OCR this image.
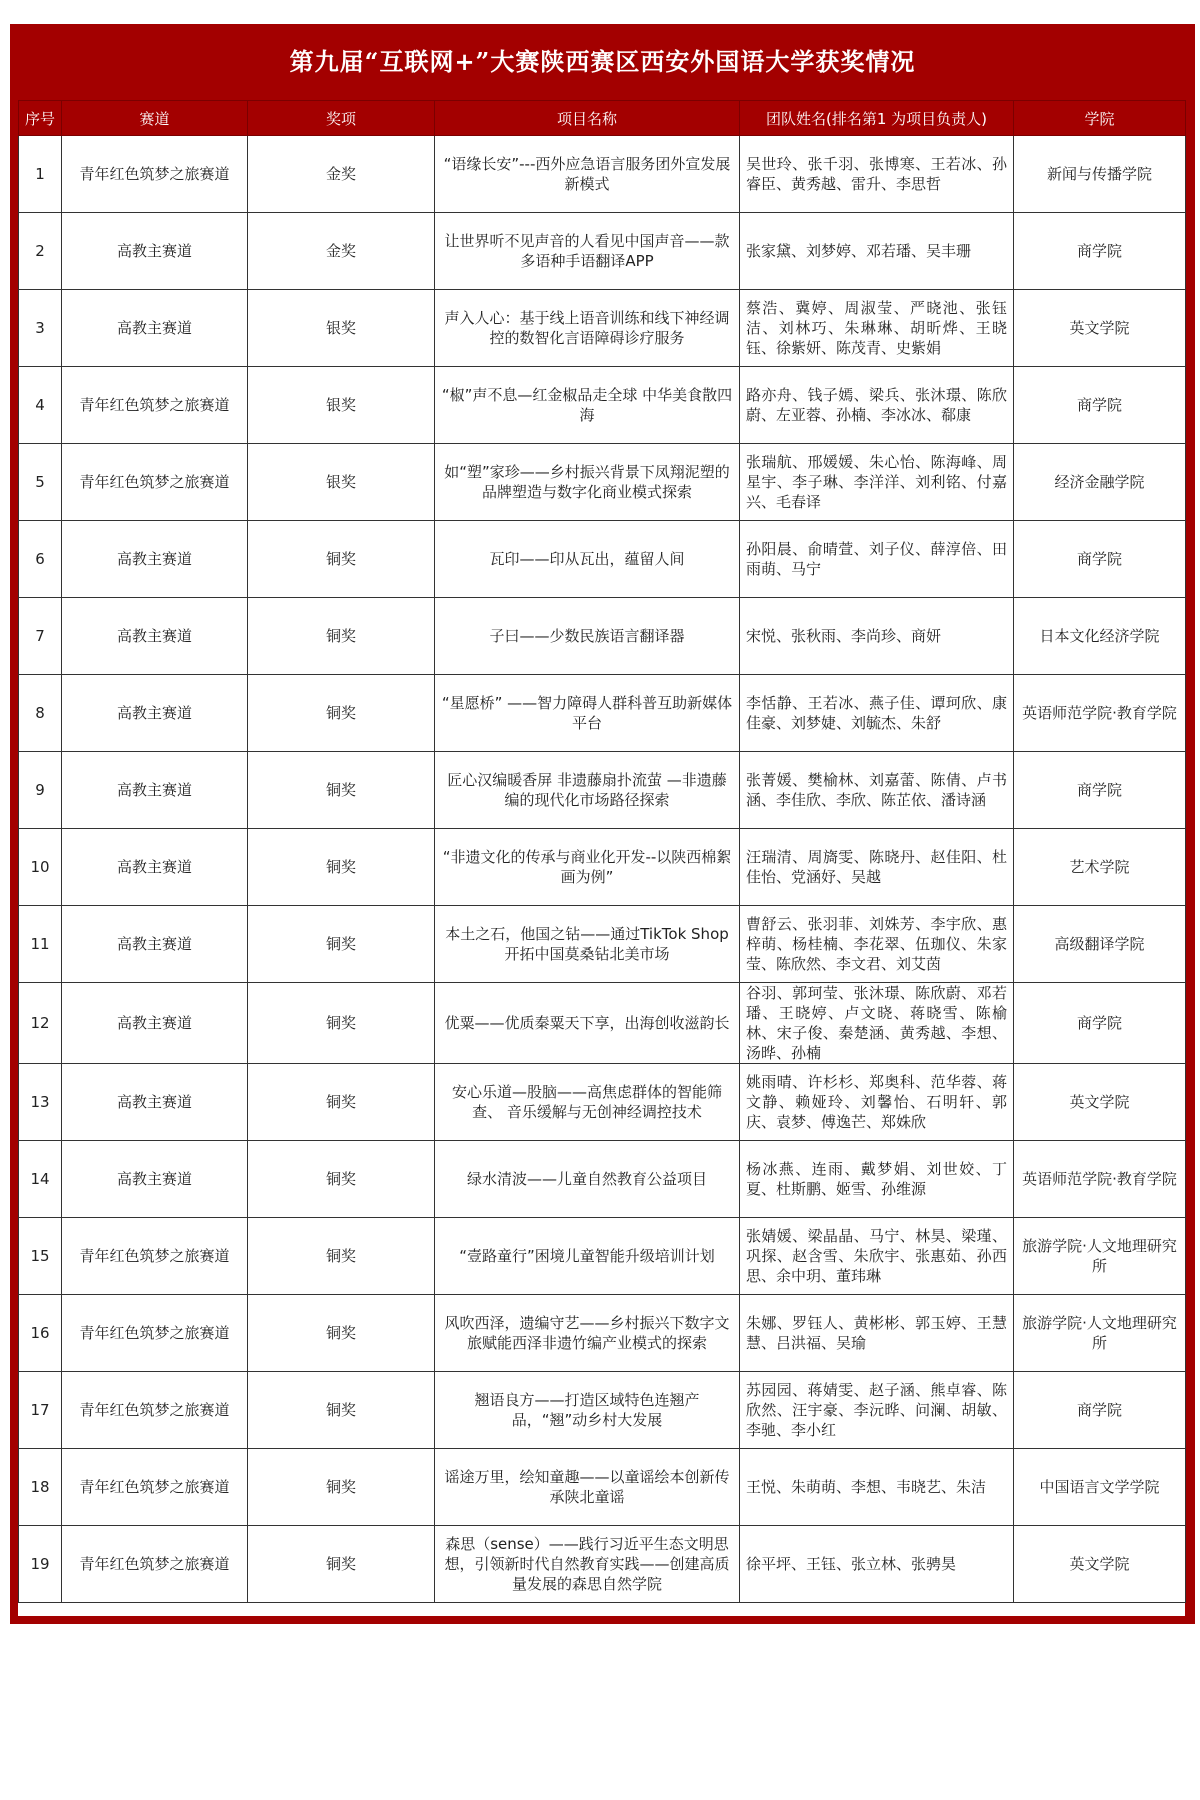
第九届“互联网+”大赛陕西赛区西安外国语大学获奖情况
序号	赛道	奖项	项目名称	团队姓名(排名第1 为项目负责人)	学院
1	青年红色筑梦之旅赛道	金奖	“语缘长安”---西外应急语言服务团外宣发展新模式	吴世玲、张千羽、张博寒、王若冰、孙睿臣、黄秀越、雷升、李思哲	新闻与传播学院
2	高教主赛道	金奖	让世界听不见声音的人看见中国声音——款多语种手语翻译APP	张家黛、刘梦婷、邓若璠、吴丰珊	商学院
3	高教主赛道	银奖	声入人心：基于线上语音训练和线下神经调控的数智化言语障碍诊疗服务	蔡浩、冀婷、周淑莹、严晓池、张钰洁、刘林巧、朱琳琳、胡昕烨、王晓钰、徐紫妍、陈茂青、史紫娟	英文学院
4	青年红色筑梦之旅赛道	银奖	“椒”声不息—红金椒品走全球 中华美食散四海	路亦舟、钱子嫣、梁兵、张沐璟、陈欣蔚、左亚蓉、孙楠、李冰冰、郗康	商学院
5	青年红色筑梦之旅赛道	银奖	如“塑”家珍——乡村振兴背景下凤翔泥塑的品牌塑造与数字化商业模式探索	张瑞航、邢媛媛、朱心怡、陈海峰、周星宇、李子琳、李洋洋、刘利铭、付嘉兴、毛春译	经济金融学院
6	高教主赛道	铜奖	瓦印——印从瓦出，蕴留人间	孙阳晨、俞晴萱、刘子仪、薛淳倍、田雨萌、马宁	商学院
7	高教主赛道	铜奖	子曰——少数民族语言翻译器	宋悦、张秋雨、李尚珍、商妍	日本文化经济学院
8	高教主赛道	铜奖	“星愿桥” ——智力障碍人群科普互助新媒体平台	李恬静、王若冰、燕子佳、谭珂欣、康佳豪、刘梦婕、刘毓杰、朱舒	英语师范学院·教育学院
9	高教主赛道	铜奖	匠心汉编暖香屏 非遗藤扇扑流萤 —非遗藤编的现代化市场路径探索	张菁媛、樊榆林、刘嘉蕾、陈倩、卢书涵、李佳欣、李欣、陈芷依、潘诗涵	商学院
10	高教主赛道	铜奖	“非遗文化的传承与商业化开发--以陕西棉絮画为例”	汪瑞清、周旖雯、陈晓丹、赵佳阳、杜佳怡、党涵妤、吴越	艺术学院
11	高教主赛道	铜奖	本土之石，他国之钻——通过TikTok Shop开拓中国莫桑钻北美市场	曹舒云、张羽菲、刘姝芳、李宇欣、惠梓萌、杨桂楠、李花翠、伍珈仪、朱家莹、陈欣然、李文君、刘艾茵	高级翻译学院
12	高教主赛道	铜奖	优粟——优质秦粟天下享，出海创收滋韵长	谷羽、郭珂莹、张沐璟、陈欣蔚、邓若璠、王晓婷、卢文晓、蒋晓雪、陈榆林、宋子俊、秦楚涵、黄秀越、李想、汤晔、孙楠	商学院
13	高教主赛道	铜奖	安心乐道—股脑——高焦虑群体的智能筛查、 音乐缓解与无创神经调控技术	姚雨晴、许杉杉、郑奥科、范华蓉、蒋文静、赖娅玲、刘馨怡、石明轩、郭庆、袁梦、傅逸芒、郑姝欣	英文学院
14	高教主赛道	铜奖	绿水清波——儿童自然教育公益项目	杨冰燕、连雨、戴梦娟、刘世姣、丁夏、杜斯鹏、姬雪、孙维源	英语师范学院·教育学院
15	青年红色筑梦之旅赛道	铜奖	“壹路童行”困境儿童智能升级培训计划	张婧媛、梁晶晶、马宁、林昊、梁瑾、巩探、赵含雪、朱欣宇、张惠茹、孙西思、余中玥、董玮琳	旅游学院·人文地理研究所
16	青年红色筑梦之旅赛道	铜奖	风吹西泽，遗编守艺——乡村振兴下数字文旅赋能西泽非遗竹编产业模式的探索	朱娜、罗钰人、黄彬彬、郭玉婷、王慧慧、吕洪福、吴瑜	旅游学院·人文地理研究所
17	青年红色筑梦之旅赛道	铜奖	翘语良方——打造区域特色连翘产品，“翘”动乡村大发展	苏园园、蒋婧雯、赵子涵、熊卓睿、陈欣然、汪宇豪、李沅晔、问澜、胡敏、李驰、李小红	商学院
18	青年红色筑梦之旅赛道	铜奖	谣途万里，绘知童趣——以童谣绘本创新传承陕北童谣	王悦、朱萌萌、李想、韦晓艺、朱洁	中国语言文学学院
19	青年红色筑梦之旅赛道	铜奖	森思（sense）——践行习近平生态文明思想，引领新时代自然教育实践——创建高质量发展的森思自然学院	徐平坪、王钰、张立林、张骋昊	英文学院
